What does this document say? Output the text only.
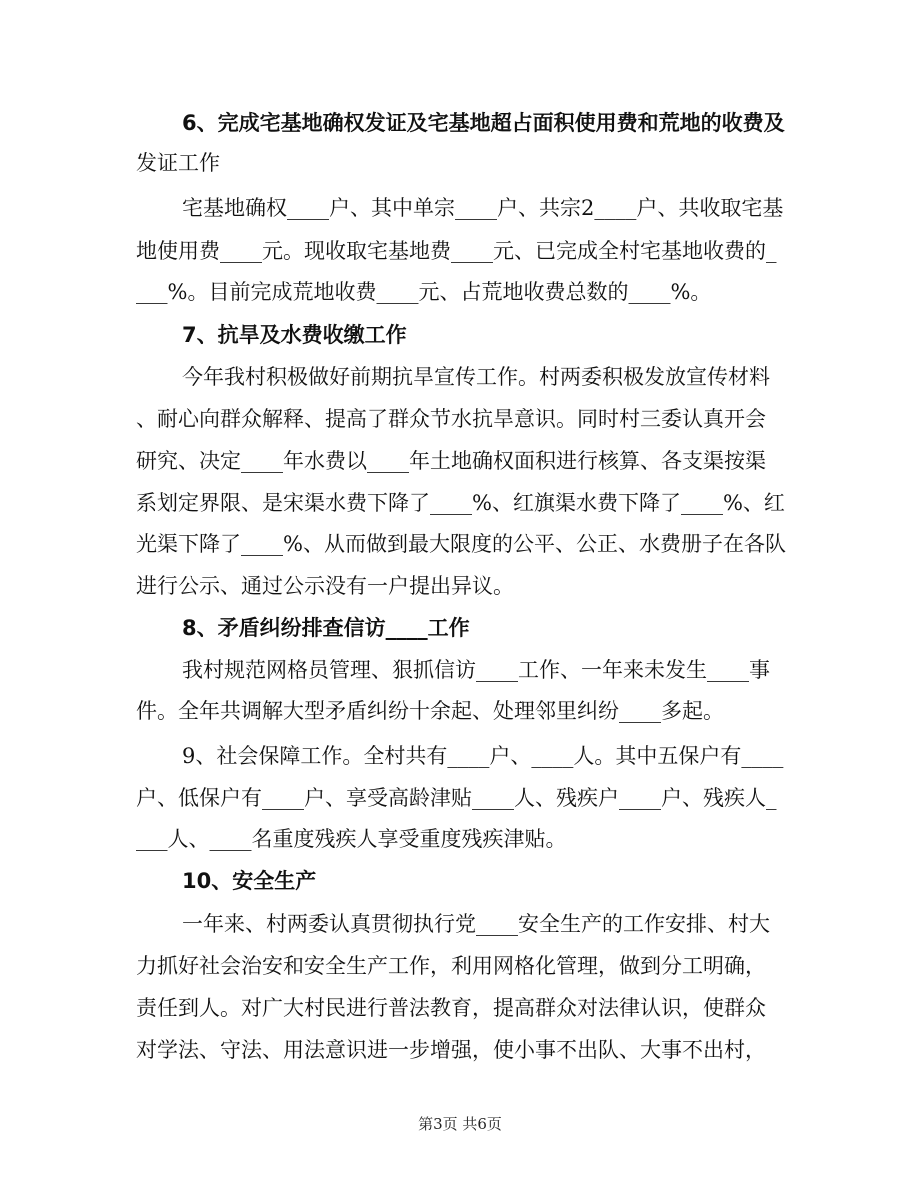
6、完成宅基地确权发证及宅基地超占面积使用费和荒地的收费及
发证工作
宅基地确权____户、其中单宗____户、共宗2____户、共收取宅基
地使用费____元。现收取宅基地费____元、已完成全村宅基地收费的_
___%。目前完成荒地收费____元、占荒地收费总数的____%。
7、抗旱及水费收缴工作
今年我村积极做好前期抗旱宣传工作。村两委积极发放宣传材料
、耐心向群众解释、提高了群众节水抗旱意识。同时村三委认真开会
研究、决定____年水费以____年土地确权面积进行核算、各支渠按渠
系划定界限、是宋渠水费下降了____%、红旗渠水费下降了____%、红
光渠下降了____%、从而做到最大限度的公平、公正、水费册子在各队
进行公示、通过公示没有一户提出异议。
8、矛盾纠纷排查信访____工作
我村规范网格员管理、狠抓信访____工作、一年来未发生____事
件。全年共调解大型矛盾纠纷十余起、处理邻里纠纷____多起。
9、社会保障工作。全村共有____户、____人。其中五保户有____
户、低保户有____户、享受高龄津贴____人、残疾户____户、残疾人_
___人、____名重度残疾人享受重度残疾津贴。
10、安全生产
一年来、村两委认真贯彻执行党____安全生产的工作安排、村大
力抓好社会治安和安全生产工作，利用网格化管理，做到分工明确，
责任到人。对广大村民进行普法教育，提高群众对法律认识，使群众
对学法、守法、用法意识进一步增强，使小事不出队、大事不出村，
第3页 共6页
